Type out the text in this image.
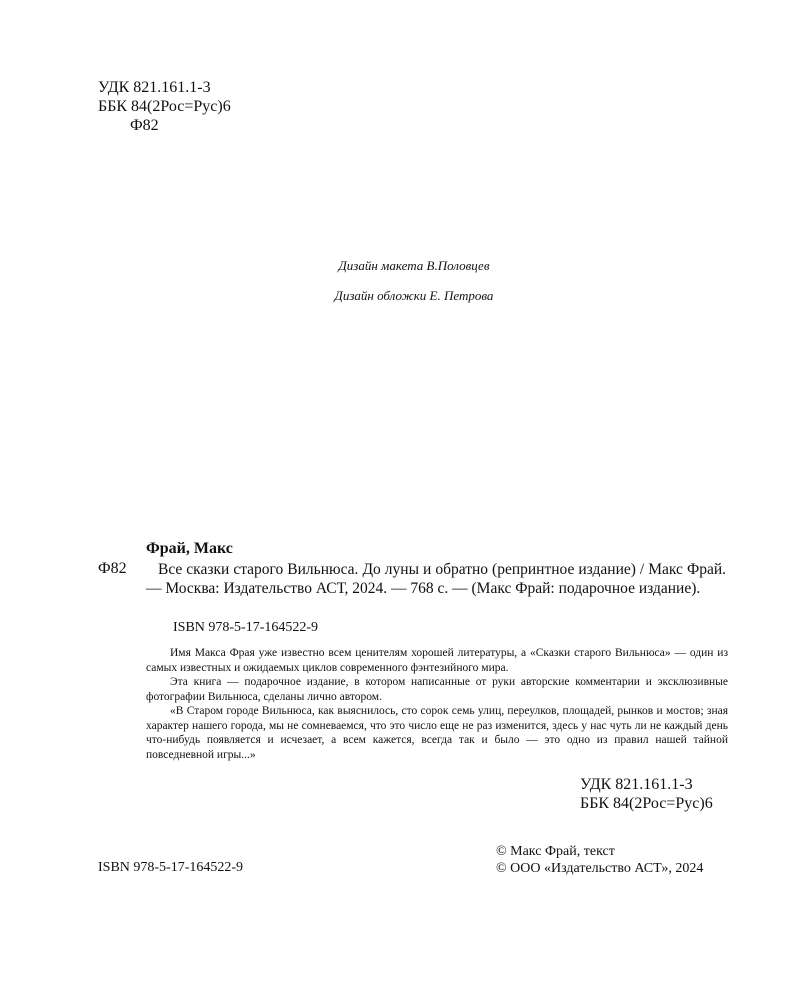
УДК 821.161.1-3
ББК 84(2Рос=Рус)6
Ф82
Дизайн макета В.Половцев
Дизайн обложки Е. Петрова
Фрай, Макс
Ф82	Все сказки старого Вильнюса. До луны и обратно (репринтное издание) / Макс Фрай. — Москва: Издательство АСТ, 2024. — 768 с. — (Макс Фрай: подарочное издание).
ISBN 978-5-17-164522-9

Имя Макса Фрая уже известно всем ценителям хорошей литературы, а «Сказки старого Вильнюса» — один из самых известных и ожидаемых циклов современного фэнтезийного мира.

Эта книга — подарочное издание, в котором написанные от руки авторские комментарии и эксклюзивные фотографии Вильнюса, сделаны лично автором.

«В Старом городе Вильнюса, как выяснилось, сто сорок семь улиц, переулков, площадей, рынков и мостов; зная характер нашего города, мы не сомневаемся, что это число еще не раз изменится, здесь у нас чуть ли не каждый день что-нибудь появляется и исчезает, а всем кажется, всегда так и было — это одно из правил нашей тайной повседневной игры...»

УДК 821.161.1-3
ББК 84(2Рос=Рус)6
© Макс Фрай, текст
© ООО «Издательство АСТ», 2024
ISBN 978-5-17-164522-9
